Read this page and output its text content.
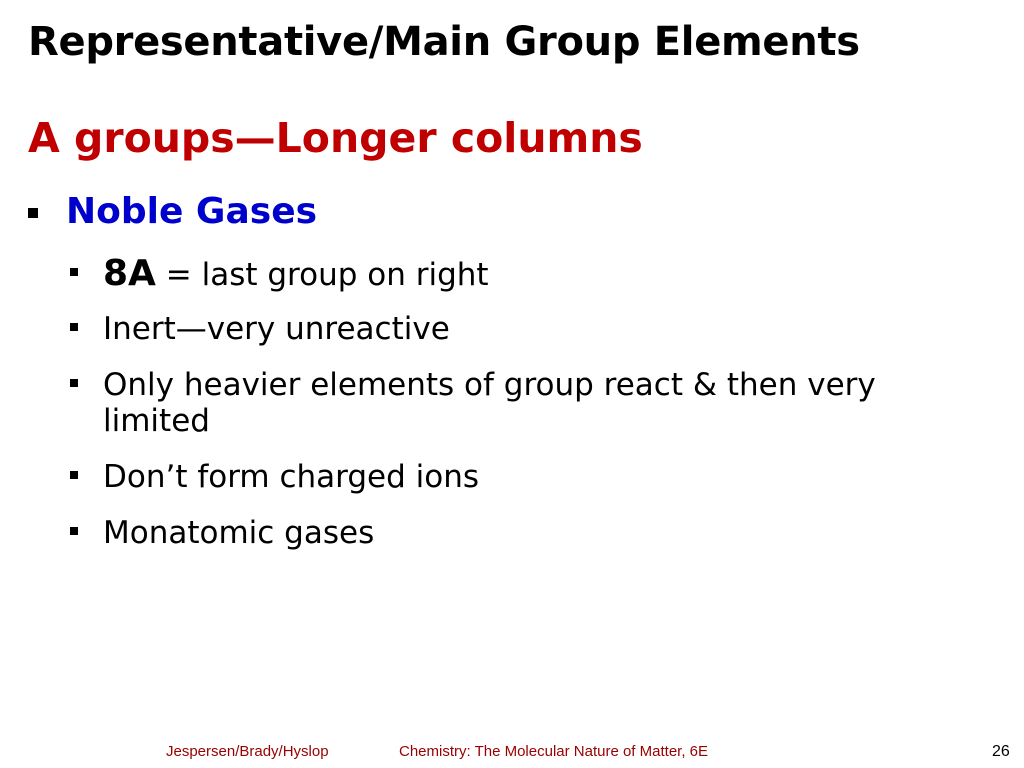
Representative/Main Group Elements
A groups—Longer columns
Noble Gases
8A = last group on right
Inert—very unreactive
Only heavier elements of group react & then very limited
Don’t form charged ions
Monatomic gases
Jespersen/Brady/Hyslop	Chemistry: The Molecular Nature of Matter, 6E	26
